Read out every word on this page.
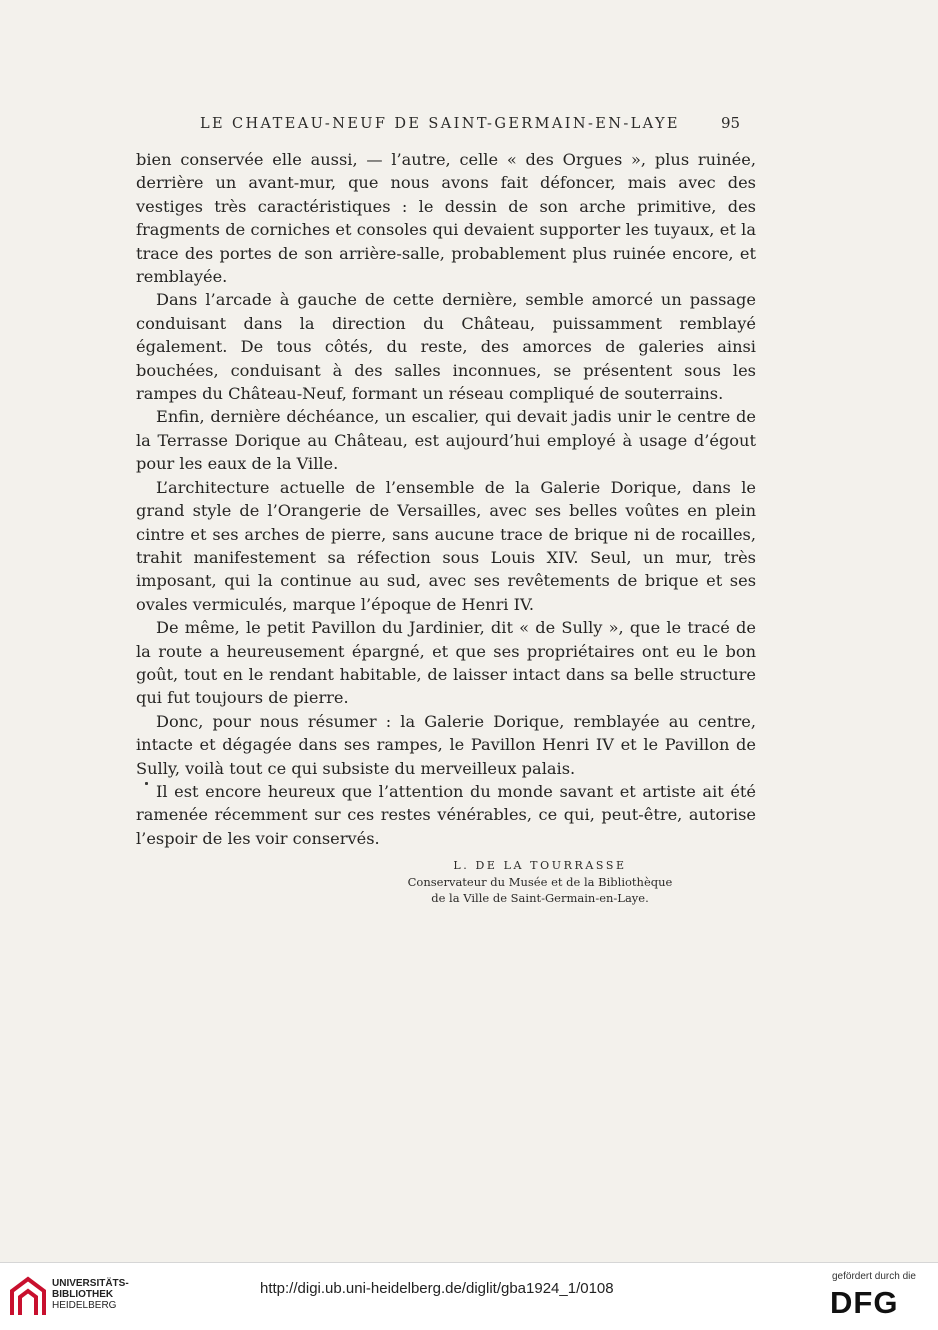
LE CHATEAU-NEUF DE SAINT-GERMAIN-EN-LAYE	95

bien conservée elle aussi, — l’autre, celle « des Orgues », plus ruinée, derrière un avant-mur, que nous avons fait défoncer, mais avec des vestiges très caractéristiques : le dessin de son arche primitive, des fragments de corniches et consoles qui devaient supporter les tuyaux, et la trace des portes de son arrière-salle, probablement plus ruinée encore, et remblayée.

Dans l’arcade à gauche de cette dernière, semble amorcé un passage conduisant dans la direction du Château, puissamment remblayé également. De tous côtés, du reste, des amorces de galeries ainsi bouchées, conduisant à des salles inconnues, se présentent sous les rampes du Château-Neuf, formant un réseau compliqué de souterrains.

Enfin, dernière déchéance, un escalier, qui devait jadis unir le centre de la Terrasse Dorique au Château, est aujourd’hui employé à usage d’égout pour les eaux de la Ville.

L’architecture actuelle de l’ensemble de la Galerie Dorique, dans le grand style de l’Orangerie de Versailles, avec ses belles voûtes en plein cintre et ses arches de pierre, sans aucune trace de brique ni de rocailles, trahit manifestement sa réfection sous Louis XIV. Seul, un mur, très imposant, qui la continue au sud, avec ses revêtements de brique et ses ovales vermiculés, marque l’époque de Henri IV.

De même, le petit Pavillon du Jardinier, dit « de Sully », que le tracé de la route a heureusement épargné, et que ses propriétaires ont eu le bon goût, tout en le rendant habitable, de laisser intact dans sa belle structure qui fut toujours de pierre.

Donc, pour nous résumer : la Galerie Dorique, remblayée au centre, intacte et dégagée dans ses rampes, le Pavillon Henri IV et le Pavillon de Sully, voilà tout ce qui subsiste du merveilleux palais.

Il est encore heureux que l’attention du monde savant et artiste ait été ramenée récemment sur ces restes vénérables, ce qui, peut-être, autorise l’espoir de les voir conservés.

L. DE LA TOURRASSE
Conservateur du Musée et de la Bibliothèque
de la Ville de Saint-Germain-en-Laye.
UNIVERSITÄTS-
BIBLIOTHEK
HEIDELBERG
http://digi.ub.uni-heidelberg.de/diglit/gba1924_1/0108
gefördert durch die
DFG
